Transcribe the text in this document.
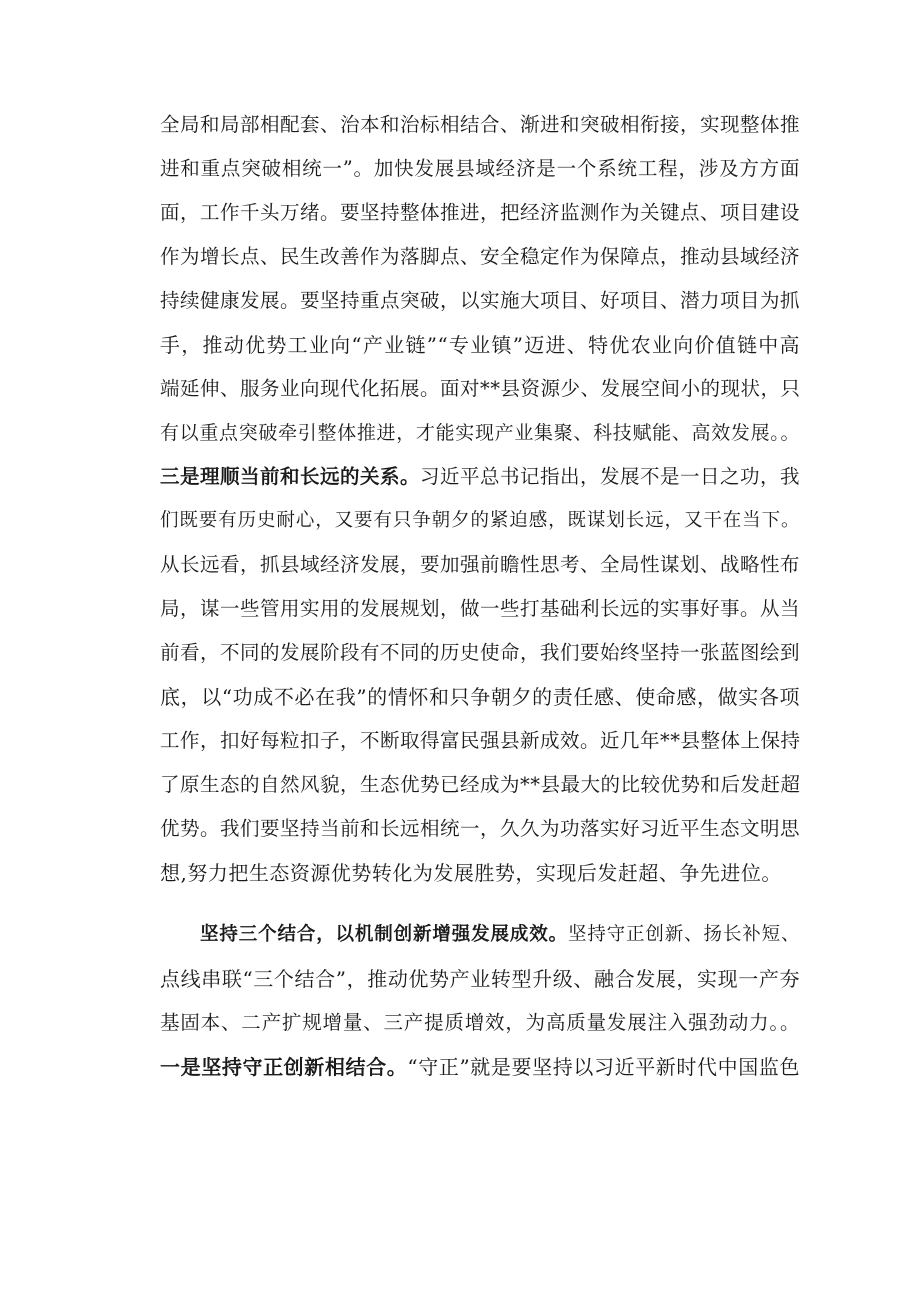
全局和局部相配套、治本和治标相结合、渐进和突破相衔接，实现整体推
进和重点突破相统一”。加快发展县域经济是一个系统工程，涉及方方面
面，工作千头万绪。要坚持整体推进，把经济监测作为关键点、项目建设
作为增长点、民生改善作为落脚点、安全稳定作为保障点，推动县域经济
持续健康发展。要坚持重点突破，以实施大项目、好项目、潜力项目为抓
手，推动优势工业向“产业链”“专业镇”迈进、特优农业向价值链中高
端延伸、服务业向现代化拓展。面对**县资源少、发展空间小的现状，只
有以重点突破牵引整体推进，才能实现产业集聚、科技赋能、高效发展。。
三是理顺当前和长远的关系。习近平总书记指出，发展不是一日之功，我
们既要有历史耐心，又要有只争朝夕的紧迫感，既谋划长远，又干在当下。
从长远看，抓县域经济发展，要加强前瞻性思考、全局性谋划、战略性布
局，谋一些管用实用的发展规划，做一些打基础利长远的实事好事。从当
前看，不同的发展阶段有不同的历史使命，我们要始终坚持一张蓝图绘到
底，以“功成不必在我”的情怀和只争朝夕的责任感、使命感，做实各项
工作，扣好每粒扣子，不断取得富民强县新成效。近几年**县整体上保持
了原生态的自然风貌，生态优势已经成为**县最大的比较优势和后发赶超
优势。我们要坚持当前和长远相统一，久久为功落实好习近平生态文明思
想,努力把生态资源优势转化为发展胜势，实现后发赶超、争先进位。
坚持三个结合，以机制创新增强发展成效。坚持守正创新、扬长补短、
点线串联“三个结合”，推动优势产业转型升级、融合发展，实现一产夯
基固本、二产扩规增量、三产提质增效，为高质量发展注入强劲动力。。
一是坚持守正创新相结合。“守正”就是要坚持以习近平新时代中国监色
